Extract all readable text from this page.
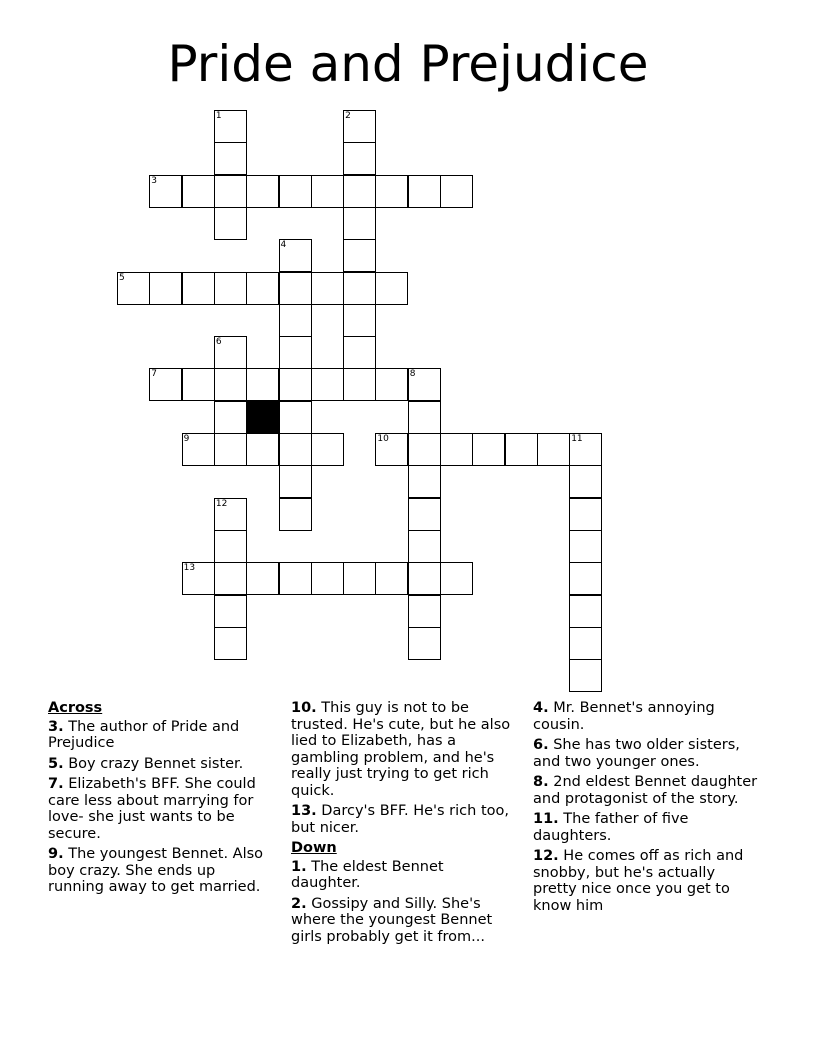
Pride and Prejudice
1	2
3
4
5
6
7	8
9	10	11
12
13
Across
3. The author of Pride and Prejudice
5. Boy crazy Bennet sister.
7. Elizabeth's BFF. She could care less about marrying for love- she just wants to be secure.
9. The youngest Bennet. Also boy crazy. She ends up running away to get married.
10. This guy is not to be trusted. He's cute, but he also lied to Elizabeth, has a gambling problem, and he's really just trying to get rich quick.
13. Darcy's BFF. He's rich too, but nicer.
Down
1. The eldest Bennet daughter.
2. Gossipy and Silly. She's where the youngest Bennet girls probably get it from...
4. Mr. Bennet's annoying cousin.
6. She has two older sisters, and two younger ones.
8. 2nd eldest Bennet daughter and protagonist of the story.
11. The father of five daughters.
12. He comes off as rich and snobby, but he's actually pretty nice once you get to know him
